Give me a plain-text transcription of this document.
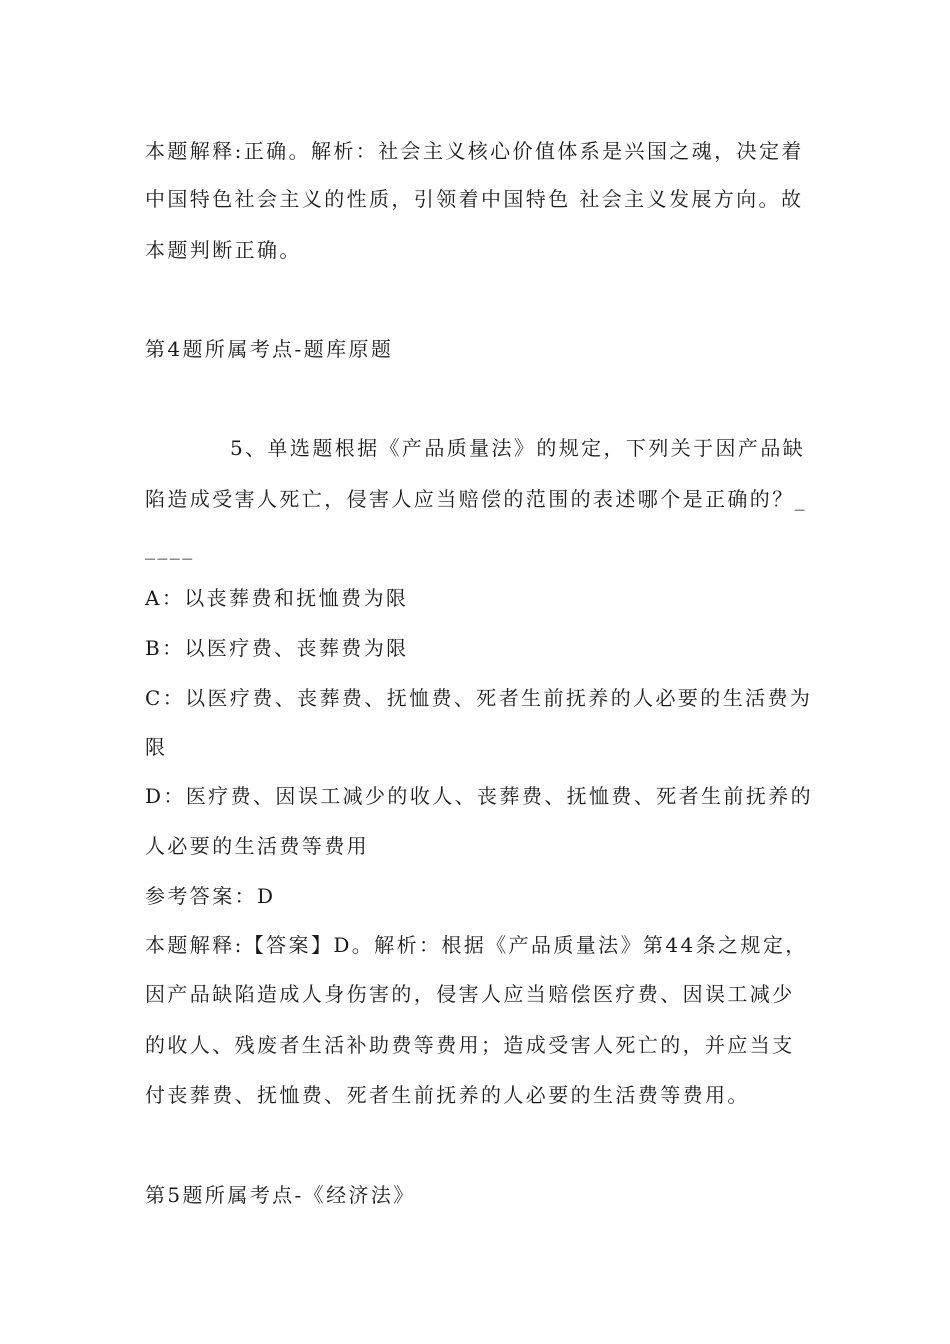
本题解释:正确。解析：社会主义核心价值体系是兴国之魂，决定着
中国特色社会主义的性质，引领着中国特色 社会主义发展方向。故
本题判断正确。
第4题所属考点-题库原题
5、单选题根据《产品质量法》的规定，下列关于因产品缺
陷造成受害人死亡，侵害人应当赔偿的范围的表述哪个是正确的？_
____
A：以丧葬费和抚恤费为限
B：以医疗费、丧葬费为限
C：以医疗费、丧葬费、抚恤费、死者生前抚养的人必要的生活费为
限
D：医疗费、因误工减少的收人、丧葬费、抚恤费、死者生前抚养的
人必要的生活费等费用
参考答案：D
本题解释:【答案】D。解析：根据《产品质量法》第44条之规定，
因产品缺陷造成人身伤害的，侵害人应当赔偿医疗费、因误工减少
的收人、残废者生活补助费等费用；造成受害人死亡的，并应当支
付丧葬费、抚恤费、死者生前抚养的人必要的生活费等费用。
第5题所属考点-《经济法》
